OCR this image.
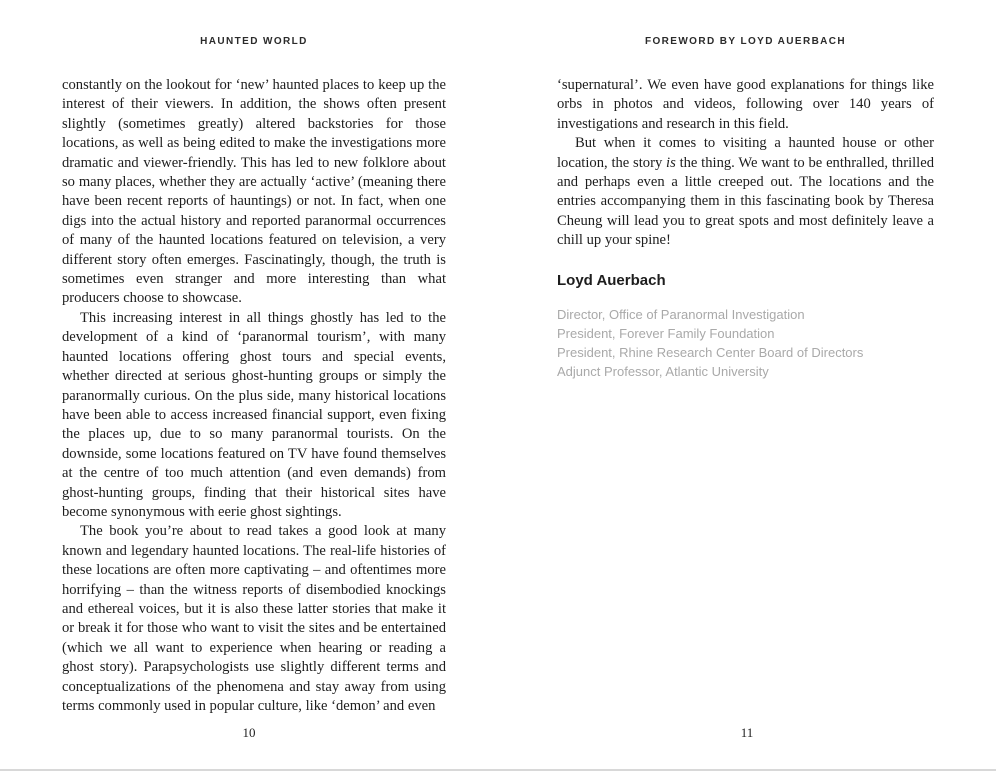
HAUNTED WORLD

constantly on the lookout for ‘new’ haunted places to keep up the interest of their viewers. In addition, the shows often present slightly (sometimes greatly) altered backstories for those locations, as well as being edited to make the investigations more dramatic and viewer-friendly. This has led to new folklore about so many places, whether they are actually ‘active’ (meaning there have been recent reports of hauntings) or not. In fact, when one digs into the actual history and reported paranormal occurrences of many of the haunted locations featured on television, a very different story often emerges. Fascinatingly, though, the truth is sometimes even stranger and more interesting than what producers choose to showcase.

This increasing interest in all things ghostly has led to the development of a kind of ‘paranormal tourism’, with many haunted locations offering ghost tours and special events, whether directed at serious ghost-hunting groups or simply the paranormally curious. On the plus side, many historical locations have been able to access increased financial support, even fixing the places up, due to so many paranormal tourists. On the downside, some locations featured on TV have found themselves at the centre of too much attention (and even demands) from ghost-hunting groups, finding that their historical sites have become synonymous with eerie ghost sightings.

The book you’re about to read takes a good look at many known and legendary haunted locations. The real-life histories of these locations are often more captivating – and oftentimes more horrifying – than the witness reports of disembodied knockings and ethereal voices, but it is also these latter stories that make it or break it for those who want to visit the sites and be entertained (which we all want to experience when hearing or reading a ghost story). Parapsychologists use slightly different terms and conceptualizations of the phenomena and stay away from using terms commonly used in popular culture, like ‘demon’ and even

10
FOREWORD BY LOYD AUERBACH

‘supernatural’. We even have good explanations for things like orbs in photos and videos, following over 140 years of investigations and research in this field.

But when it comes to visiting a haunted house or other location, the story is the thing. We want to be enthralled, thrilled and perhaps even a little creeped out. The locations and the entries accompanying them in this fascinating book by Theresa Cheung will lead you to great spots and most definitely leave a chill up your spine!

Loyd Auerbach
Director, Office of Paranormal Investigation
President, Forever Family Foundation
President, Rhine Research Center Board of Directors
Adjunct Professor, Atlantic University
11
